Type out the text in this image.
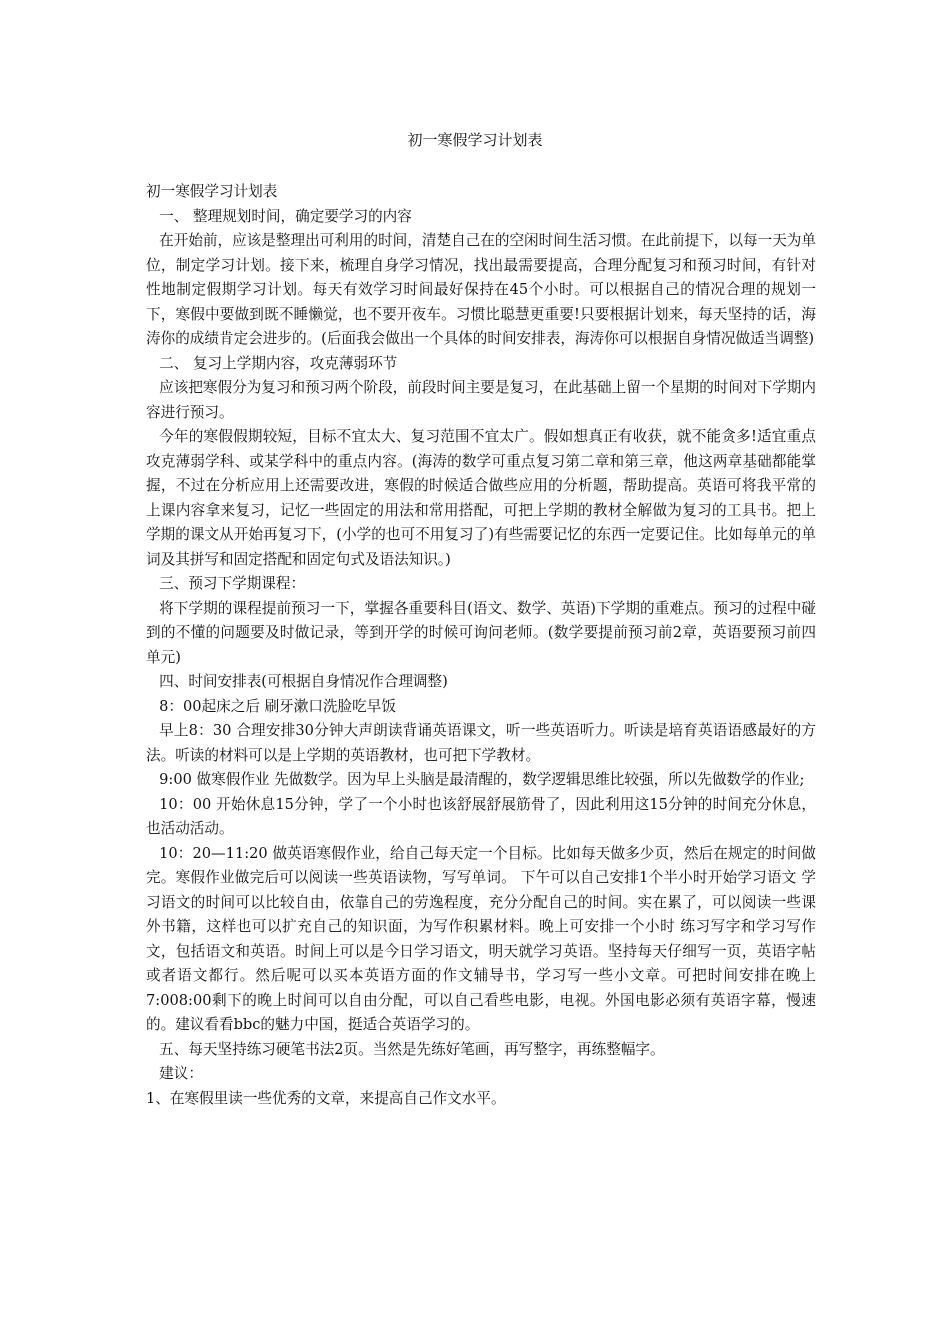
初一寒假学习计划表

初一寒假学习计划表

一、 整理规划时间，确定要学习的内容

在开始前，应该是整理出可利用的时间，清楚自己在的空闲时间生活习惯。在此前提下，以每一天为单位，制定学习计划。接下来，梳理自身学习情况，找出最需要提高，合理分配复习和预习时间，有针对性地制定假期学习计划。每天有效学习时间最好保持在45个小时。可以根据自己的情况合理的规划一下，寒假中要做到既不睡懒觉，也不要开夜车。习惯比聪慧更重要!只要根据计划来，每天坚持的话，海涛你的成绩肯定会进步的。(后面我会做出一个具体的时间安排表，海涛你可以根据自身情况做适当调整)

二、 复习上学期内容，攻克薄弱环节

应该把寒假分为复习和预习两个阶段，前段时间主要是复习，在此基础上留一个星期的时间对下学期内容进行预习。

今年的寒假假期较短，目标不宜太大、复习范围不宜太广。假如想真正有收获，就不能贪多!适宜重点攻克薄弱学科、或某学科中的重点内容。(海涛的数学可重点复习第二章和第三章，他这两章基础都能掌握，不过在分析应用上还需要改进，寒假的时候适合做些应用的分析题，帮助提高。英语可将我平常的上课内容拿来复习，记忆一些固定的用法和常用搭配，可把上学期的教材全解做为复习的工具书。把上学期的课文从开始再复习下，(小学的也可不用复习了)有些需要记忆的东西一定要记住。比如每单元的单词及其拼写和固定搭配和固定句式及语法知识。)

三、预习下学期课程：

将下学期的课程提前预习一下，掌握各重要科目(语文、数学、英语)下学期的重难点。预习的过程中碰到的不懂的问题要及时做记录，等到开学的时候可询问老师。(数学要提前预习前2章，英语要预习前四单元)

四、时间安排表(可根据自身情况作合理调整)

8：00起床之后 刷牙漱口洗脸吃早饭

早上8：30 合理安排30分钟大声朗读背诵英语课文，听一些英语听力。听读是培育英语语感最好的方法。听读的材料可以是上学期的英语教材，也可把下学教材。

9:00 做寒假作业 先做数学。因为早上头脑是最清醒的，数学逻辑思维比较强，所以先做数学的作业;

10：00 开始休息15分钟，学了一个小时也该舒展舒展筋骨了，因此利用这15分钟的时间充分休息，也活动活动。

10：20—11:20 做英语寒假作业，给自己每天定一个目标。比如每天做多少页，然后在规定的时间做完。寒假作业做完后可以阅读一些英语读物，写写单词。 下午可以自己安排1个半小时开始学习语文 学习语文的时间可以比较自由，依靠自己的劳逸程度，充分分配自己的时间。实在累了，可以阅读一些课外书籍，这样也可以扩充自己的知识面，为写作积累材料。晚上可安排一个小时 练习写字和学习写作文，包括语文和英语。时间上可以是今日学习语文，明天就学习英语。坚持每天仔细写一页，英语字帖或者语文都行。然后呢可以买本英语方面的作文辅导书，学习写一些小文章。可把时间安排在晚上7:008:00剩下的晚上时间可以自由分配，可以自己看些电影，电视。外国电影必须有英语字幕，慢速的。建议看看bbc的魅力中国，挺适合英语学习的。

五、每天坚持练习硬笔书法2页。当然是先练好笔画，再写整字，再练整幅字。

建议：

1、在寒假里读一些优秀的文章，来提高自己作文水平。
